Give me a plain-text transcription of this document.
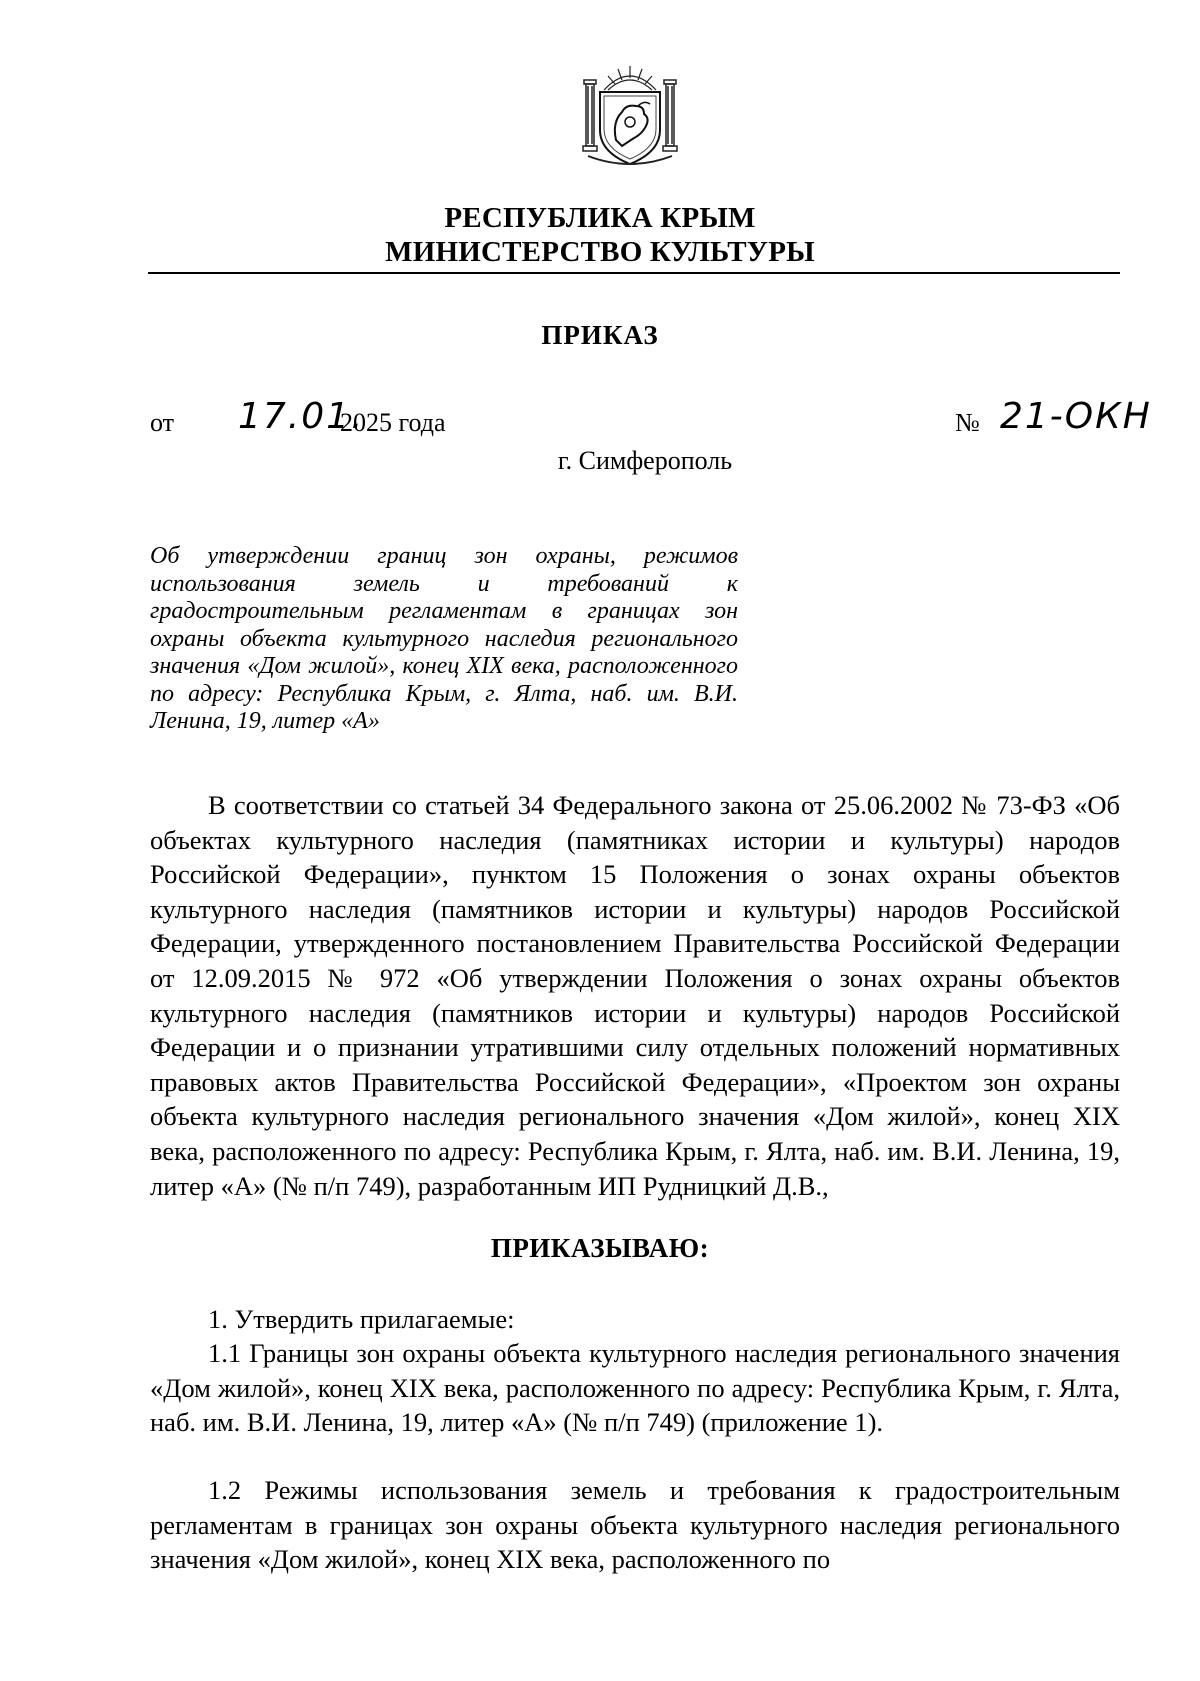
РЕСПУБЛИКА КРЫМ
МИНИСТЕРСТВО КУЛЬТУРЫ
ПРИКАЗ
от 17.01.
2025 года	№ 21-ОКН
г. Симферополь
Об утверждении границ зон охраны, режимов использования земель и требований к градостроительным регламентам в границах зон охраны объекта культурного наследия регионального значения «Дом жилой», конец XIX века, расположенного по адресу: Республика Крым, г. Ялта, наб. им. В.И. Ленина, 19, литер «А»
В соответствии со статьей 34 Федерального закона от 25.06.2002 № 73-ФЗ «Об объектах культурного наследия (памятниках истории и культуры) народов Российской Федерации», пунктом 15 Положения о зонах охраны объектов культурного наследия (памятников истории и культуры) народов Российской Федерации, утвержденного постановлением Правительства Российской Федерации от 12.09.2015 № 972 «Об утверждении Положения о зонах охраны объектов культурного наследия (памятников истории и культуры) народов Российской Федерации и о признании утратившими силу отдельных положений нормативных правовых актов Правительства Российской Федерации», «Проектом зон охраны объекта культурного наследия регионального значения «Дом жилой», конец XIX века, расположенного по адресу: Республика Крым, г. Ялта, наб. им. В.И. Ленина, 19, литер «А» (№ п/п 749), разработанным ИП Рудницкий Д.В.,
ПРИКАЗЫВАЮ:
1. Утвердить прилагаемые:
1.1 Границы зон охраны объекта культурного наследия регионального значения «Дом жилой», конец XIX века, расположенного по адресу: Республика Крым, г. Ялта, наб. им. В.И. Ленина, 19, литер «А» (№ п/п 749) (приложение 1).
1.2 Режимы использования земель и требования к градостроительным регламентам в границах зон охраны объекта культурного наследия регионального значения «Дом жилой», конец XIX века, расположенного по
